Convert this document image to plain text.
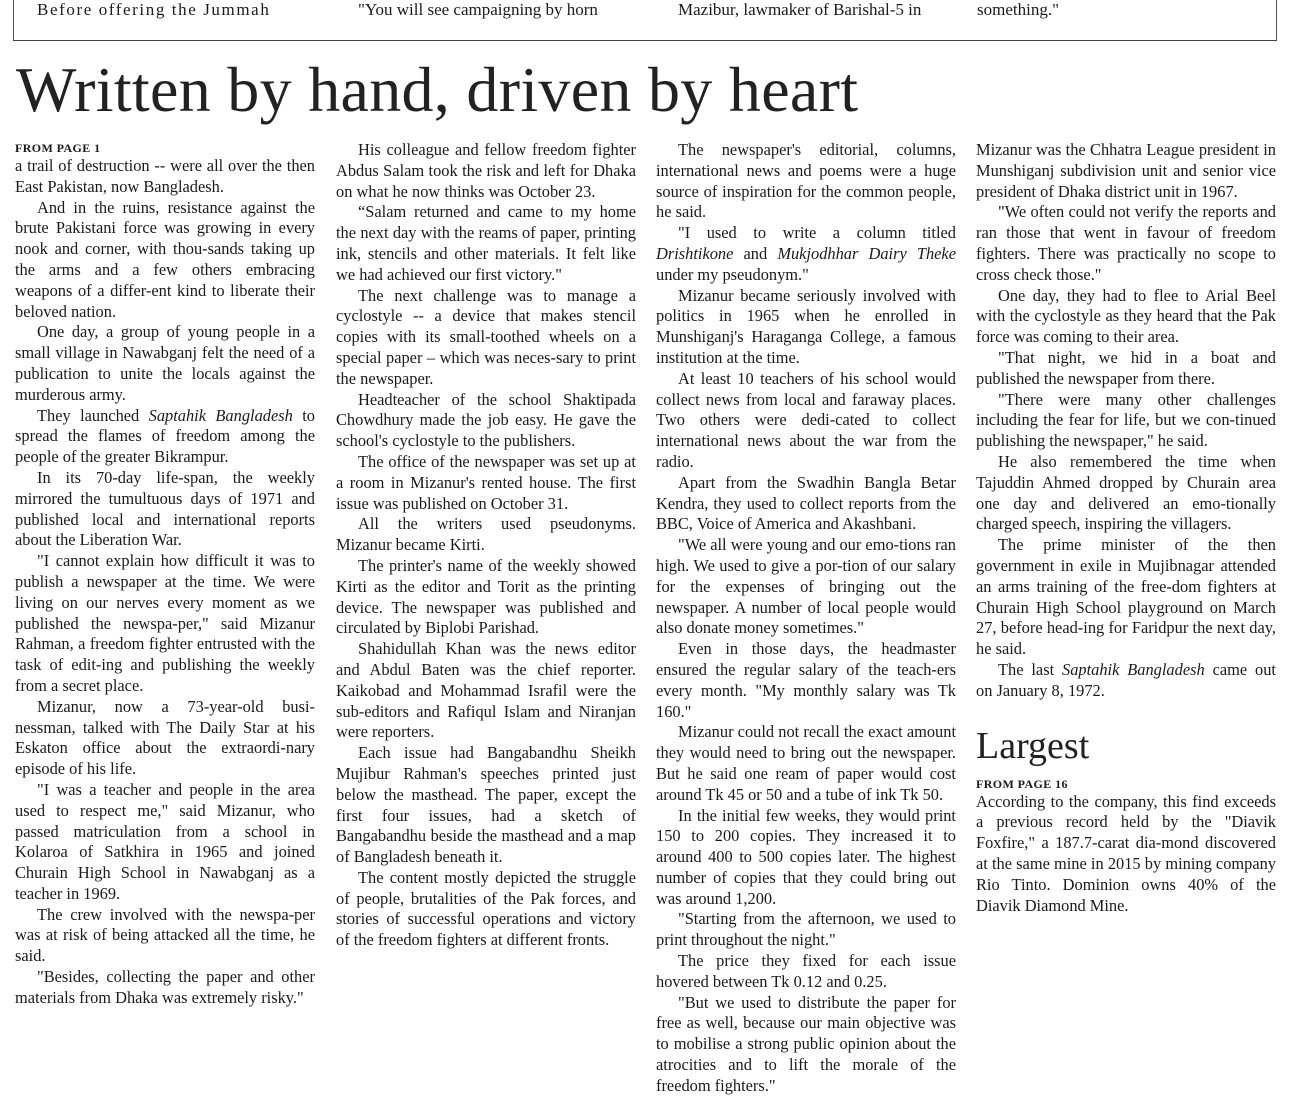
Before offering the Jummah	"You will see campaigning by horn	Mazibur, lawmaker of Barishal-5 in	something."
Written by hand, driven by heart
FROM PAGE 1

a trail of destruction -- were all over the then East Pakistan, now Bangladesh.

And in the ruins, resistance against the brute Pakistani force was growing in every nook and corner, with thou-sands taking up the arms and a few others embracing weapons of a differ-ent kind to liberate their beloved nation.

One day, a group of young people in a small village in Nawabganj felt the need of a publication to unite the locals against the murderous army.

They launched Saptahik Bangladesh to spread the flames of freedom among the people of the greater Bikrampur.

In its 70-day life-span, the weekly mirrored the tumultuous days of 1971 and published local and international reports about the Liberation War.

"I cannot explain how difficult it was to publish a newspaper at the time. We were living on our nerves every moment as we published the newspa-per," said Mizanur Rahman, a freedom fighter entrusted with the task of edit-ing and publishing the weekly from a secret place.

Mizanur, now a 73-year-old busi-nessman, talked with The Daily Star at his Eskaton office about the extraordi-nary episode of his life.

"I was a teacher and people in the area used to respect me," said Mizanur, who passed matriculation from a school in Kolaroa of Satkhira in 1965 and joined Churain High School in Nawabganj as a teacher in 1969.

The crew involved with the newspa-per was at risk of being attacked all the time, he said.

"Besides, collecting the paper and other materials from Dhaka was extremely risky."

His colleague and fellow freedom fighter Abdus Salam took the risk and left for Dhaka on what he now thinks was October 23.

“Salam returned and came to my home the next day with the reams of paper, printing ink, stencils and other materials. It felt like we had achieved our first victory."

The next challenge was to manage a cyclostyle -- a device that makes stencil copies with its small-toothed wheels on a special paper – which was neces-sary to print the newspaper.

Headteacher of the school Shaktipada Chowdhury made the job easy. He gave the school's cyclostyle to the publishers.

The office of the newspaper was set up at a room in Mizanur's rented house. The first issue was published on October 31.

All the writers used pseudonyms. Mizanur became Kirti.

The printer's name of the weekly showed Kirti as the editor and Torit as the printing device. The newspaper was published and circulated by Biplobi Parishad.

Shahidullah Khan was the news editor and Abdul Baten was the chief reporter. Kaikobad and Mohammad Israfil were the sub-editors and Rafiqul Islam and Niranjan were reporters.

Each issue had Bangabandhu Sheikh Mujibur Rahman's speeches printed just below the masthead. The paper, except the first four issues, had a sketch of Bangabandhu beside the masthead and a map of Bangladesh beneath it.

The content mostly depicted the struggle of people, brutalities of the Pak forces, and stories of successful operations and victory of the freedom fighters at different fronts.

The newspaper's editorial, columns, international news and poems were a huge source of inspiration for the common people, he said.

"I used to write a column titled Drishtikone and Mukjodhhar Dairy Theke under my pseudonym."

Mizanur became seriously involved with politics in 1965 when he enrolled in Munshiganj's Haraganga College, a famous institution at the time.

At least 10 teachers of his school would collect news from local and faraway places. Two others were dedi-cated to collect international news about the war from the radio.

Apart from the Swadhin Bangla Betar Kendra, they used to collect reports from the BBC, Voice of America and Akashbani.

"We all were young and our emo-tions ran high. We used to give a por-tion of our salary for the expenses of bringing out the newspaper. A number of local people would also donate money sometimes."

Even in those days, the headmaster ensured the regular salary of the teach-ers every month. "My monthly salary was Tk 160."

Mizanur could not recall the exact amount they would need to bring out the newspaper. But he said one ream of paper would cost around Tk 45 or 50 and a tube of ink Tk 50.

In the initial few weeks, they would print 150 to 200 copies. They increased it to around 400 to 500 copies later. The highest number of copies that they could bring out was around 1,200.

"Starting from the afternoon, we used to print throughout the night."

The price they fixed for each issue hovered between Tk 0.12 and 0.25.

"But we used to distribute the paper for free as well, because our main objective was to mobilise a strong public opinion about the atrocities and to lift the morale of the freedom fighters."

Mizanur was the Chhatra League president in Munshiganj subdivision unit and senior vice president of Dhaka district unit in 1967.

"We often could not verify the reports and ran those that went in favour of freedom fighters. There was practically no scope to cross check those."

One day, they had to flee to Arial Beel with the cyclostyle as they heard that the Pak force was coming to their area.

"That night, we hid in a boat and published the newspaper from there.

"There were many other challenges including the fear for life, but we con-tinued publishing the newspaper," he said.

He also remembered the time when Tajuddin Ahmed dropped by Churain area one day and delivered an emo-tionally charged speech, inspiring the villagers.

The prime minister of the then government in exile in Mujibnagar attended an arms training of the free-dom fighters at Churain High School playground on March 27, before head-ing for Faridpur the next day, he said.

The last Saptahik Bangladesh came out on January 8, 1972.

Largest
FROM PAGE 16

According to the company, this find exceeds a previous record held by the "Diavik Foxfire," a 187.7-carat dia-mond discovered at the same mine in 2015 by mining company Rio Tinto. Dominion owns 40% of the Diavik Diamond Mine.
